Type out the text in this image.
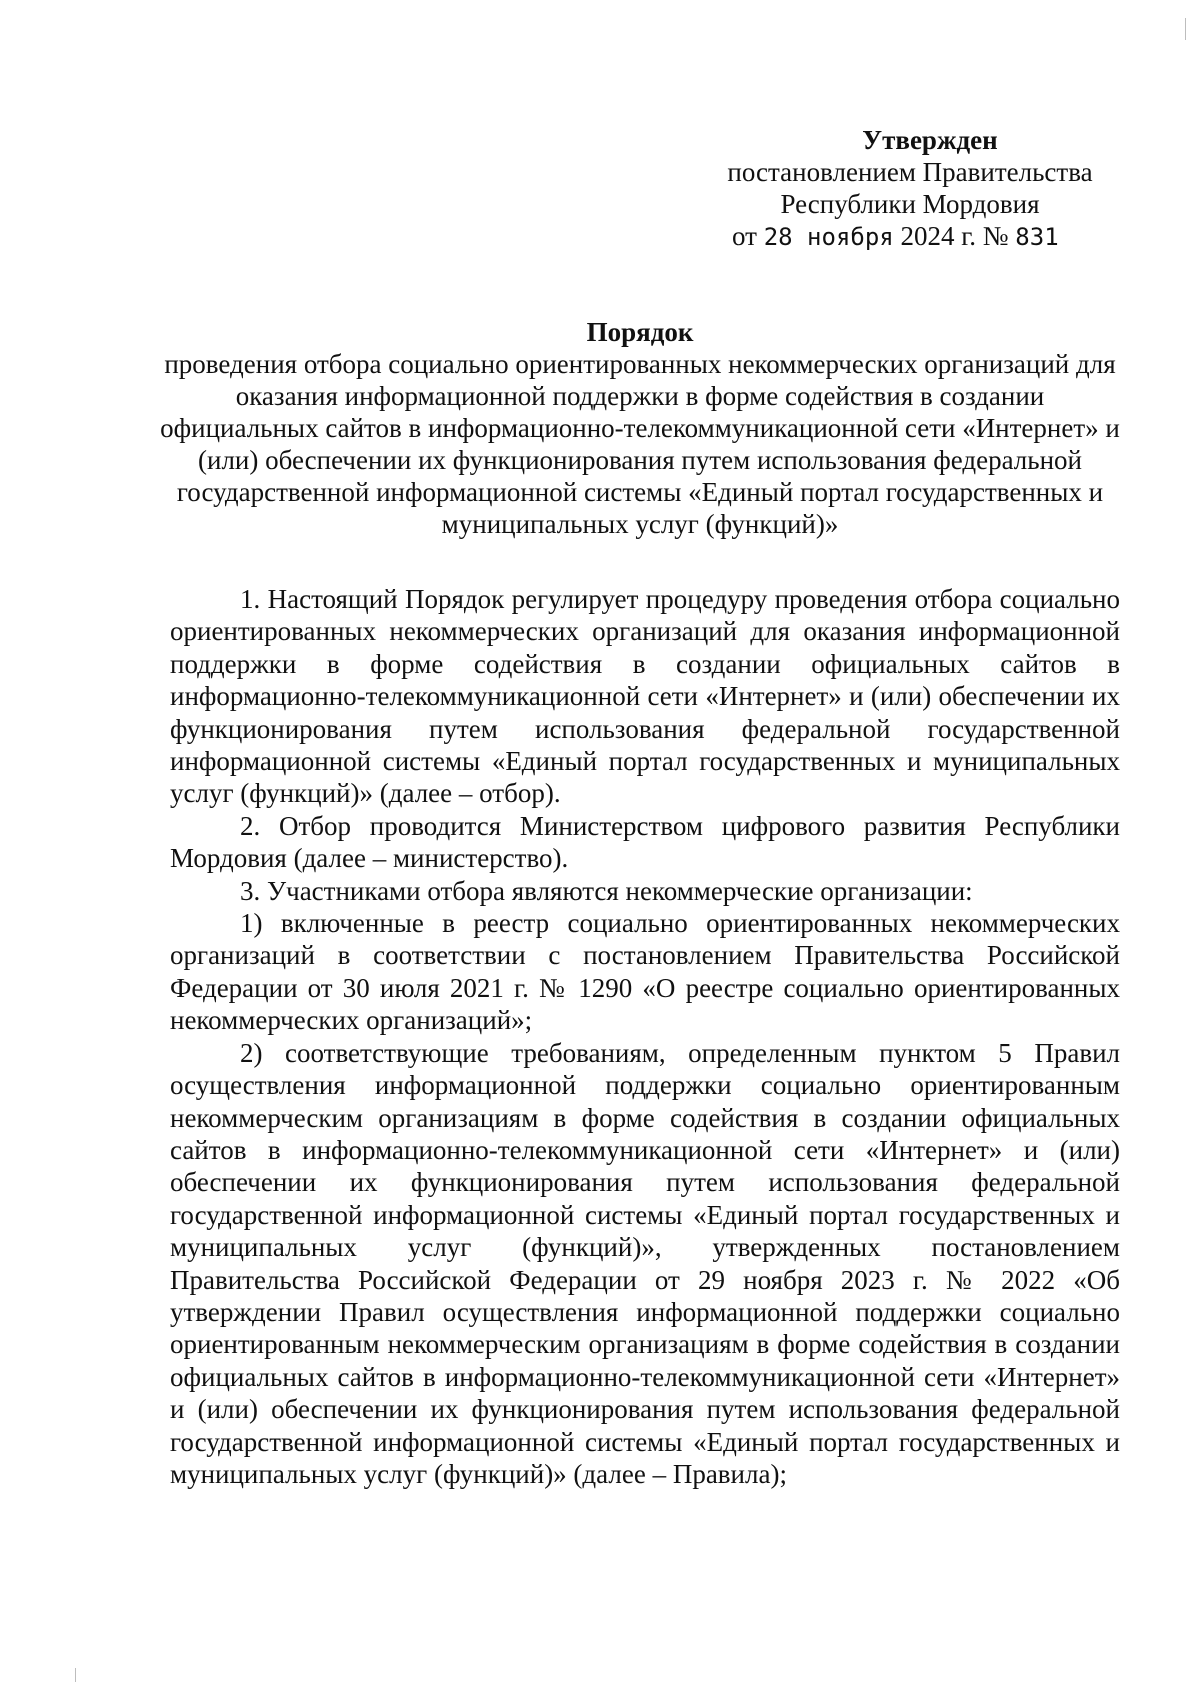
Утвержден
постановлением Правительства
Республики Мордовия
от 28 ноября 2024 г. № 831
Порядок
проведения отбора социально ориентированных некоммерческих организаций для оказания информационной поддержки в форме содействия в создании официальных сайтов в информационно-телекоммуникационной сети «Интернет» и (или) обеспечении их функционирования путем использования федеральной государственной информационной системы «Единый портал государственных и муниципальных услуг (функций)»

1. Настоящий Порядок регулирует процедуру проведения отбора социально ориентированных некоммерческих организаций для оказания информационной поддержки в форме содействия в создании официальных сайтов в информационно-телекоммуникационной сети «Интернет» и (или) обеспечении их функционирования путем использования федеральной государственной информационной системы «Единый портал государственных и муниципальных услуг (функций)» (далее – отбор).

2. Отбор проводится Министерством цифрового развития Республики Мордовия (далее – министерство).

3. Участниками отбора являются некоммерческие организации:

1) включенные в реестр социально ориентированных некоммерческих организаций в соответствии с постановлением Правительства Российской Федерации от 30 июля 2021 г. № 1290 «О реестре социально ориентированных некоммерческих организаций»;

2) соответствующие требованиям, определенным пунктом 5 Правил осуществления информационной поддержки социально ориентированным некоммерческим организациям в форме содействия в создании официальных сайтов в информационно-телекоммуникационной сети «Интернет» и (или) обеспечении их функционирования путем использования федеральной государственной информационной системы «Единый портал государственных и муниципальных услуг (функций)», утвержденных постановлением Правительства Российской Федерации от 29 ноября 2023 г. № 2022 «Об утверждении Правил осуществления информационной поддержки социально ориентированным некоммерческим организациям в форме содействия в создании официальных сайтов в информационно-телекоммуникационной сети «Интернет» и (или) обеспечении их функционирования путем использования федеральной государственной информационной системы «Единый портал государственных и муниципальных услуг (функций)» (далее – Правила);
